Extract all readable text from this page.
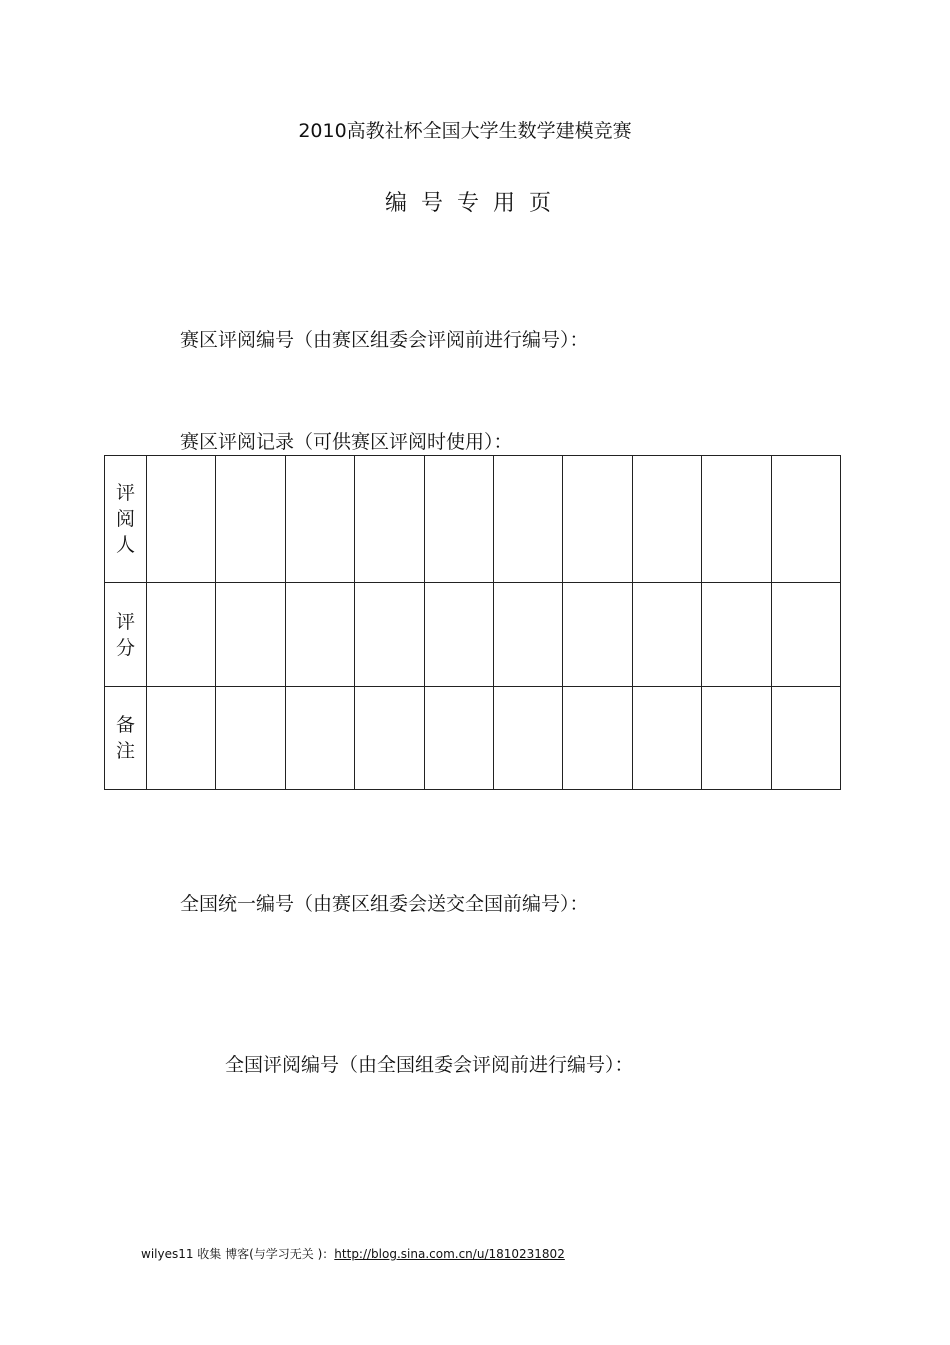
2010高教社杯全国大学生数学建模竞赛
编号专用页
赛区评阅编号（由赛区组委会评阅前进行编号）：
赛区评阅记录（可供赛区评阅时使用）：
评阅人										
评分										
备注										
全国统一编号（由赛区组委会送交全国前编号）：
全国评阅编号（由全国组委会评阅前进行编号）：
wilyes11 收集 博客(与学习无关 )：http://blog.sina.com.cn/u/1810231802
